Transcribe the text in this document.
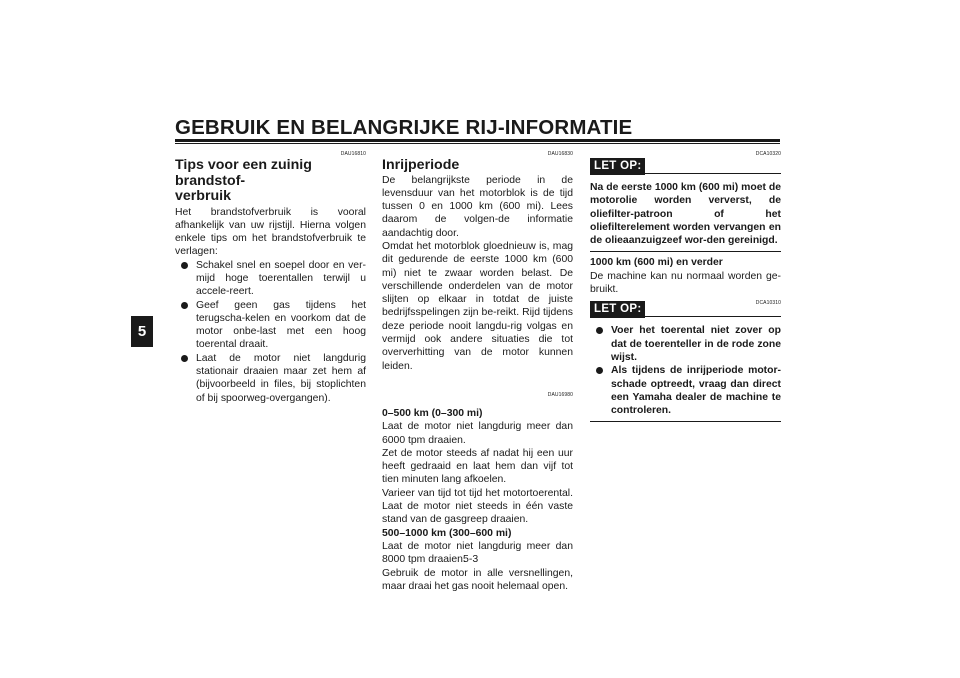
GEBRUIK EN BELANGRIJKE RIJ-INFORMATIE
5
DAU16810
Tips voor een zuinig brandstof-
verbruik

Het brandstofverbruik is vooral afhankelijk van uw rijstijl. Hierna volgen enkele tips om het brandstofverbruik te verlagen:

Schakel snel en soepel door en ver-mijd hoge toerentallen terwijl u accele-reert.
Geef geen gas tijdens het terugscha-kelen en voorkom dat de motor onbe-last met een hoog toerental draait.
Laat de motor niet langdurig stationair draaien maar zet hem af (bijvoorbeeld in files, bij stoplichten of bij spoorweg-overgangen).
DAU16830
Inrijperiode

De belangrijkste periode in de levensduur van het motorblok is de tijd tussen 0 en 1000 km (600 mi). Lees daarom de volgen-de informatie aandachtig door.

Omdat het motorblok gloednieuw is, mag dit gedurende de eerste 1000 km (600 mi) niet te zwaar worden belast. De verschillende onderdelen van de motor slijten op elkaar in totdat de juiste bedrijfsspelingen zijn be-reikt. Rijd tijdens deze periode nooit langdu-rig volgas en vermijd ook andere situaties die tot oververhitting van de motor kunnen leiden.

DAU16980

0–500 km (0–300 mi)

Laat de motor niet langdurig meer dan 6000 tpm draaien.

Zet de motor steeds af nadat hij een uur heeft gedraaid en laat hem dan vijf tot tien minuten lang afkoelen.

Varieer van tijd tot tijd het motortoerental. Laat de motor niet steeds in één vaste stand van de gasgreep draaien.

500–1000 km (300–600 mi)

Laat de motor niet langdurig meer dan 8000 tpm draaien.

Gebruik de motor in alle versnellingen, maar draai het gas nooit helemaal open.

DCA10320
LET OP:

Na de eerste 1000 km (600 mi) moet de motorolie worden ververst, de oliefilter-patroon of het oliefilterelement worden vervangen en de olieaanzuigzeef wor-den gereinigd.

1000 km (600 mi) en verder

De machine kan nu normaal worden ge-bruikt.

DCA10310
LET OP:
Voer het toerental niet zover op dat de toerenteller in de rode zone wijst.
Als tijdens de inrijperiode motor-schade optreedt, vraag dan direct een Yamaha dealer de machine te controleren.
5-3
